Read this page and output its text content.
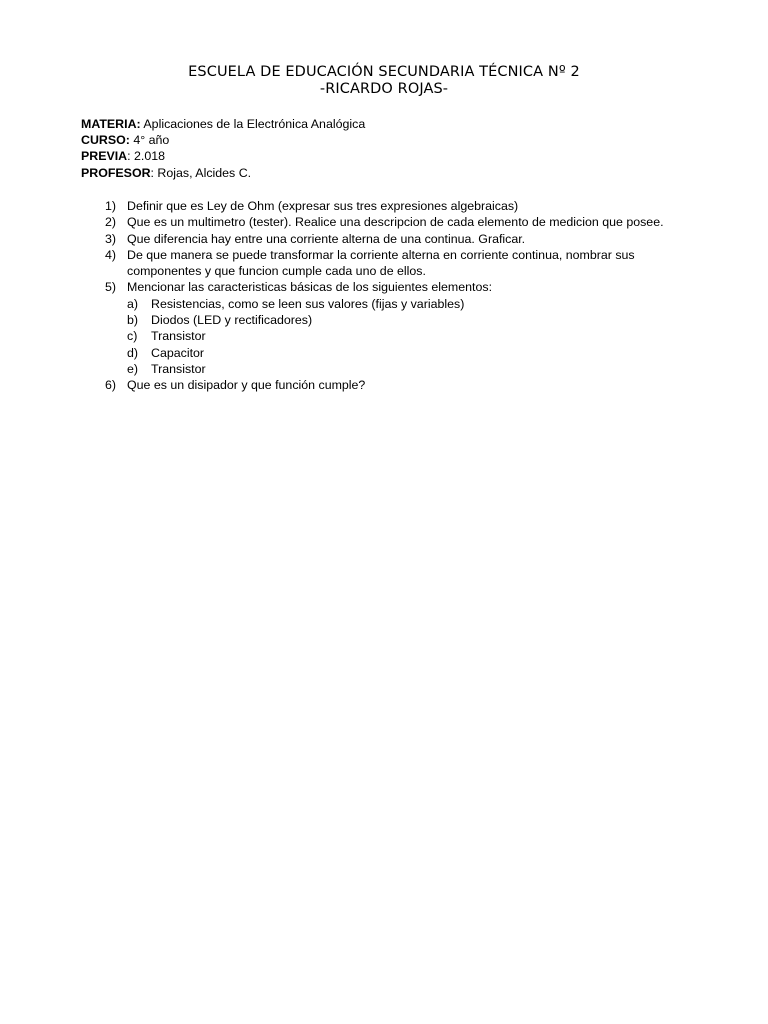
ESCUELA DE EDUCACIÓN SECUNDARIA TÉCNICA Nº 2
-RICARDO ROJAS-
MATERIA: Aplicaciones de la Electrónica Analógica
CURSO: 4° año
PREVIA: 2.018
PROFESOR: Rojas, Alcides C.
1) Definir que es Ley de Ohm (expresar sus tres expresiones algebraicas)
2) Que es un multimetro (tester). Realice una descripcion de cada elemento de medicion que posee.
3) Que diferencia hay entre una corriente alterna de una continua. Graficar.
4) De que manera se puede transformar la corriente alterna en corriente continua, nombrar sus componentes y que funcion cumple cada uno de ellos.
5) Mencionar las caracteristicas básicas de los siguientes elementos:
a) Resistencias, como se leen sus valores (fijas y variables)
b) Diodos (LED y rectificadores)
c) Transistor
d) Capacitor
e) Transistor
6) Que es un disipador y que función cumple?
